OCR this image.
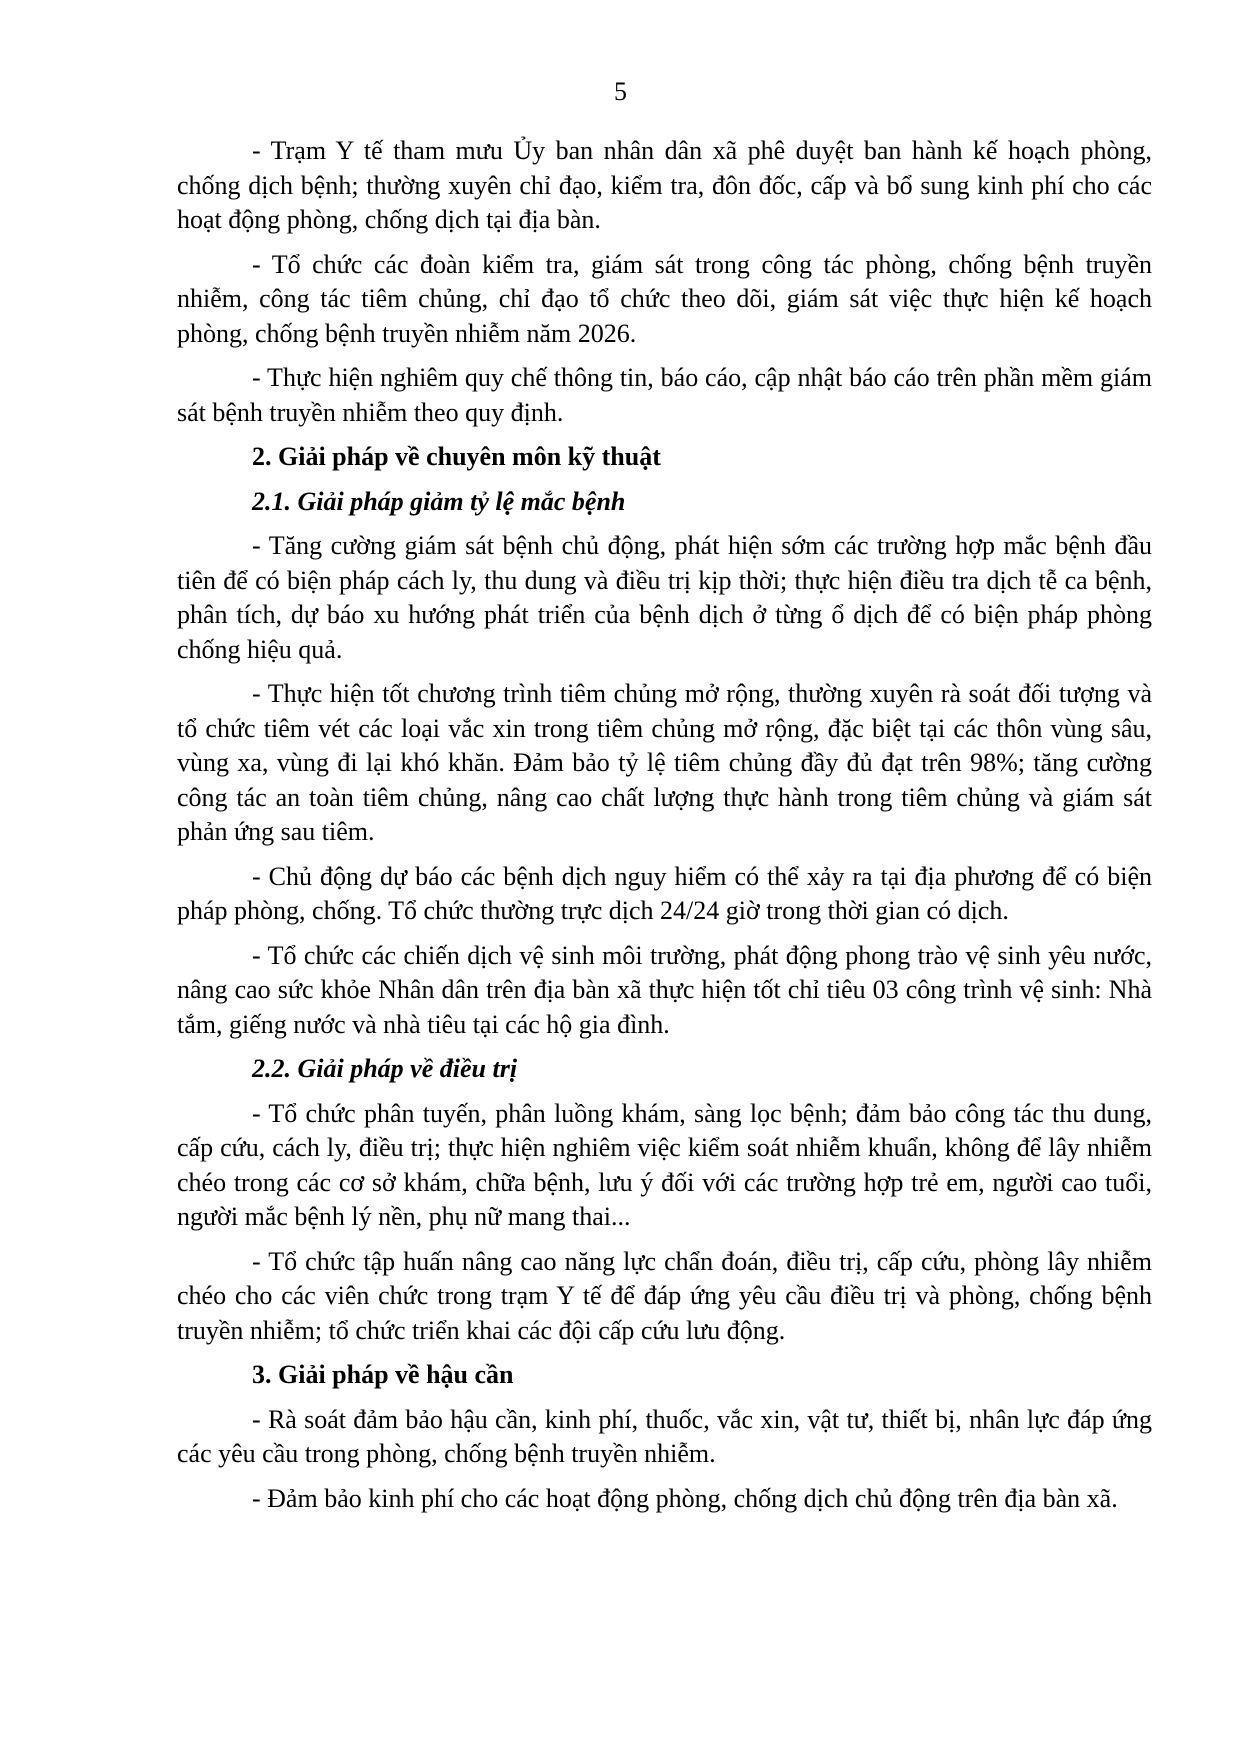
5

- Trạm Y tế tham mưu Ủy ban nhân dân xã phê duyệt ban hành kế hoạch phòng, chống dịch bệnh; thường xuyên chỉ đạo, kiểm tra, đôn đốc, cấp và bổ sung kinh phí cho các hoạt động phòng, chống dịch tại địa bàn.

- Tổ chức các đoàn kiểm tra, giám sát trong công tác phòng, chống bệnh truyền nhiễm, công tác tiêm chủng, chỉ đạo tổ chức theo dõi, giám sát việc thực hiện kế hoạch phòng, chống bệnh truyền nhiễm năm 2026.

- Thực hiện nghiêm quy chế thông tin, báo cáo, cập nhật báo cáo trên phần mềm giám sát bệnh truyền nhiễm theo quy định.

2. Giải pháp về chuyên môn kỹ thuật

2.1. Giải pháp giảm tỷ lệ mắc bệnh

- Tăng cường giám sát bệnh chủ động, phát hiện sớm các trường hợp mắc bệnh đầu tiên để có biện pháp cách ly, thu dung và điều trị kịp thời; thực hiện điều tra dịch tễ ca bệnh, phân tích, dự báo xu hướng phát triển của bệnh dịch ở từng ổ dịch để có biện pháp phòng chống hiệu quả.

- Thực hiện tốt chương trình tiêm chủng mở rộng, thường xuyên rà soát đối tượng và tổ chức tiêm vét các loại vắc xin trong tiêm chủng mở rộng, đặc biệt tại các thôn vùng sâu, vùng xa, vùng đi lại khó khăn. Đảm bảo tỷ lệ tiêm chủng đầy đủ đạt trên 98%; tăng cường công tác an toàn tiêm chủng, nâng cao chất lượng thực hành trong tiêm chủng và giám sát phản ứng sau tiêm.

- Chủ động dự báo các bệnh dịch nguy hiểm có thể xảy ra tại địa phương để có biện pháp phòng, chống. Tổ chức thường trực dịch 24/24 giờ trong thời gian có dịch.

- Tổ chức các chiến dịch vệ sinh môi trường, phát động phong trào vệ sinh yêu nước, nâng cao sức khỏe Nhân dân trên địa bàn xã thực hiện tốt chỉ tiêu 03 công trình vệ sinh: Nhà tắm, giếng nước và nhà tiêu tại các hộ gia đình.

2.2. Giải pháp về điều trị

- Tổ chức phân tuyến, phân luồng khám, sàng lọc bệnh; đảm bảo công tác thu dung, cấp cứu, cách ly, điều trị; thực hiện nghiêm việc kiểm soát nhiễm khuẩn, không để lây nhiễm chéo trong các cơ sở khám, chữa bệnh, lưu ý đối với các trường hợp trẻ em, người cao tuổi, người mắc bệnh lý nền, phụ nữ mang thai...

- Tổ chức tập huấn nâng cao năng lực chẩn đoán, điều trị, cấp cứu, phòng lây nhiễm chéo cho các viên chức trong trạm Y tế để đáp ứng yêu cầu điều trị và phòng, chống bệnh truyền nhiễm; tổ chức triển khai các đội cấp cứu lưu động.

3. Giải pháp về hậu cần

- Rà soát đảm bảo hậu cần, kinh phí, thuốc, vắc xin, vật tư, thiết bị, nhân lực đáp ứng các yêu cầu trong phòng, chống bệnh truyền nhiễm.

- Đảm bảo kinh phí cho các hoạt động phòng, chống dịch chủ động trên địa bàn xã.
